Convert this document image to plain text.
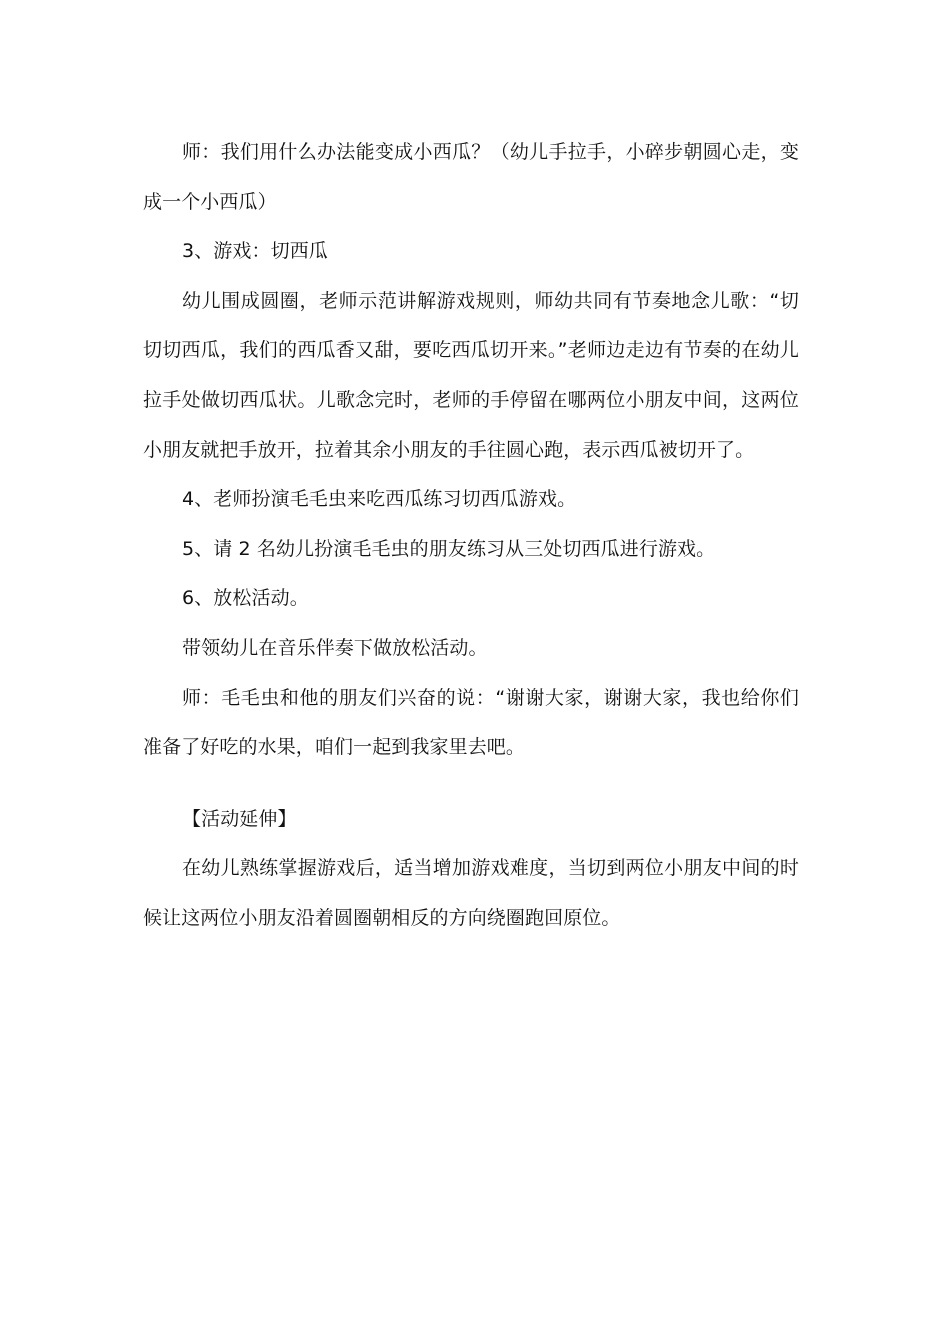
师：我们用什么办法能变成小西瓜？（幼儿手拉手，小碎步朝圆心走，变成一个小西瓜）

3、游戏：切西瓜

幼儿围成圆圈，老师示范讲解游戏规则，师幼共同有节奏地念儿歌：“切切切西瓜，我们的西瓜香又甜，要吃西瓜切开来。”老师边走边有节奏的在幼儿拉手处做切西瓜状。儿歌念完时，老师的手停留在哪两位小朋友中间，这两位小朋友就把手放开，拉着其余小朋友的手往圆心跑，表示西瓜被切开了。

4、老师扮演毛毛虫来吃西瓜练习切西瓜游戏。

5、请 2 名幼儿扮演毛毛虫的朋友练习从三处切西瓜进行游戏。

6、放松活动。

带领幼儿在音乐伴奏下做放松活动。

师：毛毛虫和他的朋友们兴奋的说：“谢谢大家，谢谢大家，我也给你们准备了好吃的水果，咱们一起到我家里去吧。

【活动延伸】

在幼儿熟练掌握游戏后，适当增加游戏难度，当切到两位小朋友中间的时候让这两位小朋友沿着圆圈朝相反的方向绕圈跑回原位。
